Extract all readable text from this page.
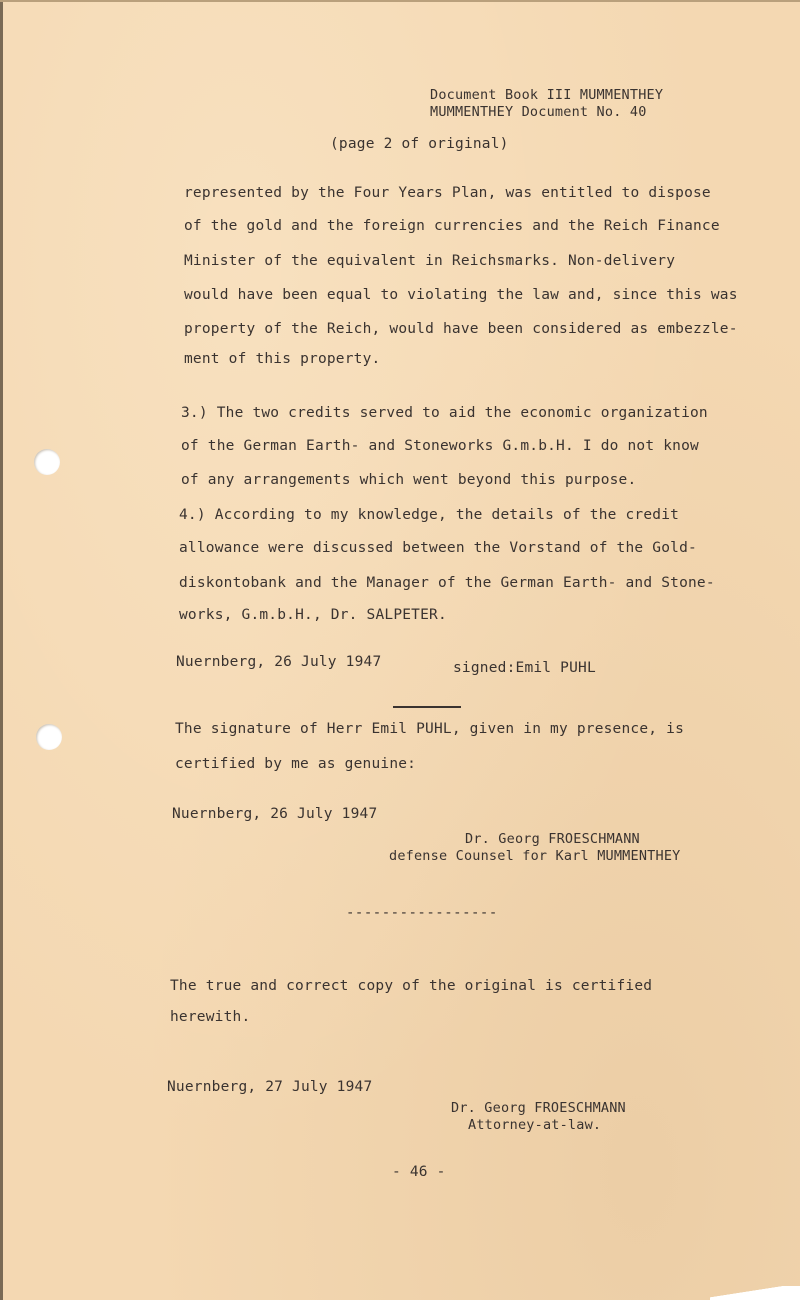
Document Book III MUMMENTHEY
MUMMENTHEY Document No. 40
(page 2 of original)
represented by the Four Years Plan, was entitled to dispose
of the gold and the foreign currencies and the Reich Finance
Minister of the equivalent in Reichsmarks. Non-delivery
would have been equal to violating the law and, since this was
property of the Reich, would have been considered as embezzle-
ment of this property.
3.) The two credits served to aid the economic organization
of the German Earth- and Stoneworks G.m.b.H. I do not know
of any arrangements which went beyond this purpose.
4.) According to my knowledge, the details of the credit
allowance were discussed between the Vorstand of the Gold-
diskontobank and the Manager of the German Earth- and Stone-
works, G.m.b.H., Dr. SALPETER.
Nuernberg, 26 July 1947	signed:Emil PUHL
The signature of Herr Emil PUHL, given in my presence, is
certified by me as genuine:
Nuernberg, 26 July 1947
Dr. Georg FROESCHMANN
defense Counsel for Karl MUMMENTHEY
-----------------
The true and correct copy of the original is certified
herewith.
Nuernberg, 27 July 1947
Dr. Georg FROESCHMANN
Attorney-at-law.
- 46 -
